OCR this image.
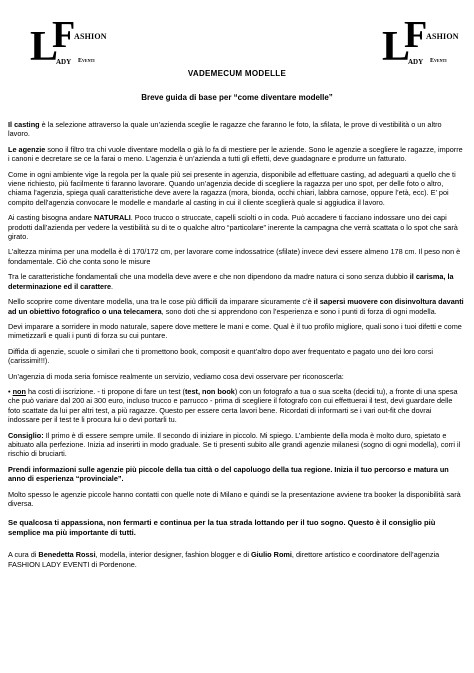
L
F
ASHION
ADY EVENTI	L
F
ASHION
ADY EVENTI
VADEMECUM MODELLE
Breve guida di base per “come diventare modelle”

Il casting è la selezione attraverso la quale un’azienda sceglie le ragazze che faranno le foto, la sfilata, le prove di vestibilità o un altro lavoro.

Le agenzie sono il filtro tra chi vuole diventare modella o già lo fa di mestiere per le aziende. Sono le agenzie a scegliere le ragazze, imporre i canoni e decretare se ce la farai o meno. L’agenzia è un’azienda a tutti gli effetti, deve guadagnare e produrre un fatturato.

Come in ogni ambiente vige la regola per la quale più sei presente in agenzia, disponibile ad effettuare casting, ad adeguarti a quello che ti viene richiesto, più facilmente ti faranno lavorare. Quando un’agenzia decide di scegliere la ragazza per uno spot, per delle foto o altro, chiama l’agenzia, spiega quali caratteristiche deve avere la ragazza (mora, bionda, occhi chiari, labbra carnose, oppure l’età, ecc). E’ poi compito dell’agenzia convocare le modelle e mandarle al casting in cui il cliente sceglierà quale si aggiudica il lavoro.

Ai casting bisogna andare NATURALI. Poco trucco o struccate, capelli sciolti o in coda. Può accadere ti facciano indossare uno dei capi prodotti dall’azienda per vedere la vestibilità su di te o qualche altro “particolare” inerente la campagna che verrà scattata o lo spot che sarà girato.

L’altezza minima per una modella è di 170/172 cm, per lavorare come indossatrice (sfilate) invece devi essere almeno 178 cm. Il peso non è fondamentale. Ciò che conta sono le misure

Tra le caratteristiche fondamentali che una modella deve avere e che non dipendono da madre natura ci sono senza dubbio il carisma, la determinazione ed il carattere.

Nello scoprire come diventare modella, una tra le cose più difficili da imparare sicuramente c’è il sapersi muovere con disinvoltura davanti ad un obiettivo fotografico o una telecamera, sono doti che si apprendono con l’esperienza e sono i punti di forza di ogni modella.

Devi imparare a sorridere in modo naturale, sapere dove mettere le mani e come. Qual è il tuo profilo migliore, quali sono i tuoi difetti e come mimetizzarli e quali i punti di forza su cui puntare.

Diffida di agenzie, scuole o similari che ti promettono book, composit e quant’altro dopo aver frequentato e pagato uno dei loro corsi (carissimi!!!).

Un’agenzia di moda seria fornisce realmente un servizio, vediamo cosa devi osservare per riconoscerla:

• non ha costi di iscrizione. - ti propone di fare un test (test, non book) con un fotografo a tua o sua scelta (decidi tu), a fronte di una spesa che può variare dal 200 ai 300 euro, incluso trucco e parrucco - prima di scegliere il fotografo con cui effettuerai il test, devi guardare delle foto scattate da lui per altri test, a più ragazze. Questo per essere certa lavori bene. Ricordati di informarti se i vari out-fit che dovrai indossare per il test te li procura lui o devi portarli tu.

Consiglio: Il primo è di essere sempre umile. Il secondo di iniziare in piccolo. Mi spiego. L’ambiente della moda è molto duro, spietato e abituato alla perfezione. Inizia ad inserirti in modo graduale. Se ti presenti subito alle grandi agenzie milanesi (sogno di ogni modella), corri il rischio di bruciarti.

Prendi informazioni sulle agenzie più piccole della tua città o del capoluogo della tua regione. Inizia il tuo percorso e matura un anno di esperienza “provinciale”.

Molto spesso le agenzie piccole hanno contatti con quelle note di Milano e quindi se la presentazione avviene tra booker la disponibilità sarà diversa.

Se qualcosa ti appassiona, non fermarti e continua per la tua strada lottando per il tuo sogno. Questo è il consiglio più semplice ma più importante di tutti.

A cura di Benedetta Rossi, modella, interior designer, fashion blogger e di Giulio Romi, direttore artistico e coordinatore dell’agenzia FASHION LADY EVENTI di Pordenone.
